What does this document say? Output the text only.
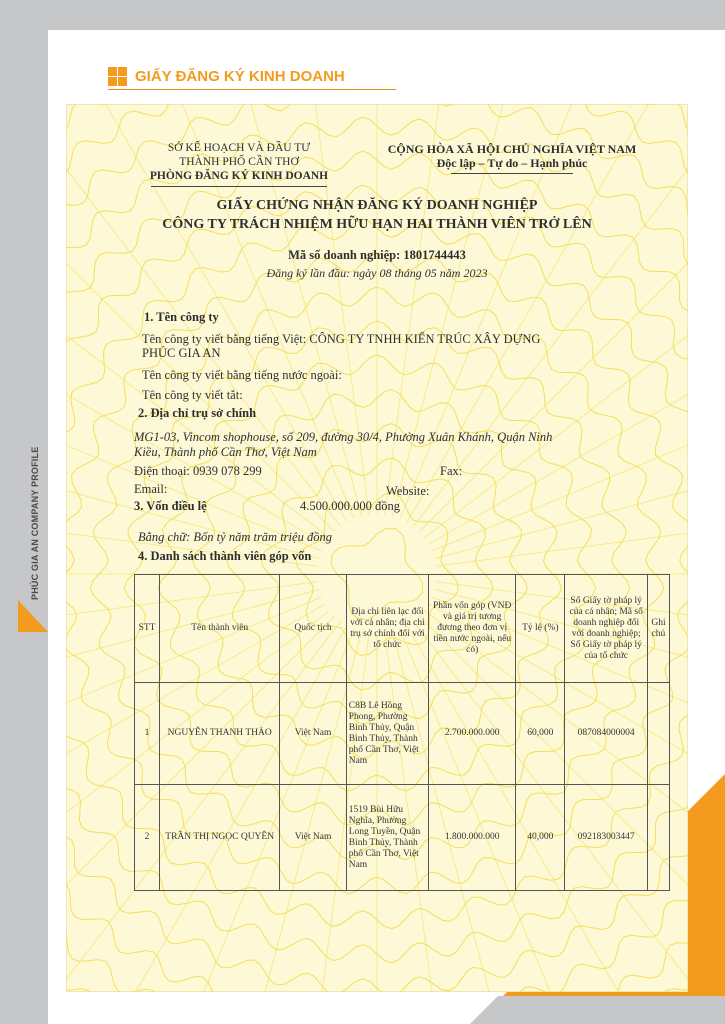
PHÚC GIA AN COMPANY PROFILE
GIẤY ĐĂNG KÝ KINH DOANH
SỞ KẾ HOẠCH VÀ ĐẦU TƯ
THÀNH PHỐ CẦN THƠ
PHÒNG ĐĂNG KÝ KINH DOANH
CỘNG HÒA XÃ HỘI CHỦ NGHĨA VIỆT NAM
Độc lập – Tự do – Hạnh phúc
GIẤY CHỨNG NHẬN ĐĂNG KÝ DOANH NGHIỆP
CÔNG TY TRÁCH NHIỆM HỮU HẠN HAI THÀNH VIÊN TRỞ LÊN
Mã số doanh nghiệp: 1801744443
Đăng ký lần đầu: ngày 08 tháng 05 năm 2023
1. Tên công ty
Tên công ty viết bằng tiếng Việt: CÔNG TY TNHH KIẾN TRÚC XÂY DỰNG
PHÚC GIA AN
Tên công ty viết bằng tiếng nước ngoài:
Tên công ty viết tắt:
2. Địa chỉ trụ sở chính
MG1-03, Vincom shophouse, số 209, đường 30/4, Phường Xuân Khánh, Quận Ninh
Kiều, Thành phố Cần Thơ, Việt Nam
Điện thoại: 0939 078 299	Fax:
Email:	Website:
3. Vốn điều lệ	4.500.000.000 đồng
Bằng chữ: Bốn tỷ năm trăm triệu đồng
4. Danh sách thành viên góp vốn
STT	Tên thành viên	Quốc tịch	Địa chỉ liên lạc đối với cá nhân; địa chỉ trụ sở chính đối với tổ chức	Phần vốn góp (VNĐ và giá trị tương đương theo đơn vị tiền nước ngoài, nếu có)	Tỷ lệ (%)	Số Giấy tờ pháp lý của cá nhân; Mã số doanh nghiệp đối với doanh nghiệp; Số Giấy tờ pháp lý của tổ chức	Ghi chú
1	NGUYỄN THANH THẢO	Việt Nam	C8B Lê Hồng Phong, Phường Bình Thủy, Quận Bình Thủy, Thành phố Cần Thơ, Việt Nam	2.700.000.000	60,000	087084000004	
2	TRẦN THỊ NGỌC QUYÊN	Việt Nam	1519 Bùi Hữu Nghĩa, Phường Long Tuyền, Quận Bình Thủy, Thành phố Cần Thơ, Việt Nam	1.800.000.000	40,000	092183003447	
